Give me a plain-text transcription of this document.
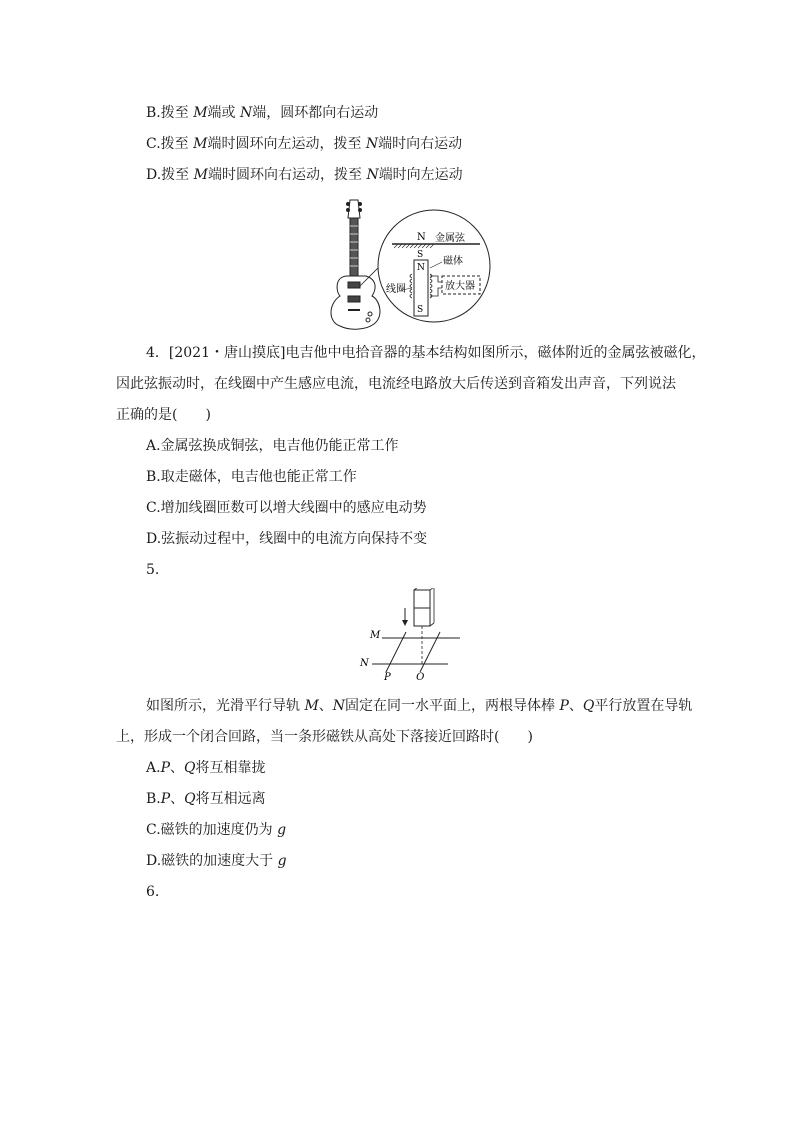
B.拨至 M端或 N端，圆环都向右运动
C.拨至 M端时圆环向左运动，拨至 N端时向右运动
D.拨至 M端时圆环向右运动，拨至 N端时向左运动
N 金属弦
S
N
S
磁体
线圈	放大器
4．[2021・唐山摸底]电吉他中电拾音器的基本结构如图所示，磁体附近的金属弦被磁化，
因此弦振动时，在线圈中产生感应电流，电流经电路放大后传送到音箱发出声音，下列说法
正确的是(　　)
A.金属弦换成铜弦，电吉他仍能正常工作
B.取走磁体，电吉他也能正常工作
C.增加线圈匝数可以增大线圈中的感应电动势
D.弦振动过程中，线圈中的电流方向保持不变
5.
M
N
P	Q
如图所示，光滑平行导轨 M、N固定在同一水平面上，两根导体棒 P、Q平行放置在导轨
上，形成一个闭合回路，当一条形磁铁从高处下落接近回路时(　　)
A.P、Q将互相靠拢
B.P、Q将互相远离
C.磁铁的加速度仍为 g
D.磁铁的加速度大于 g
6.
